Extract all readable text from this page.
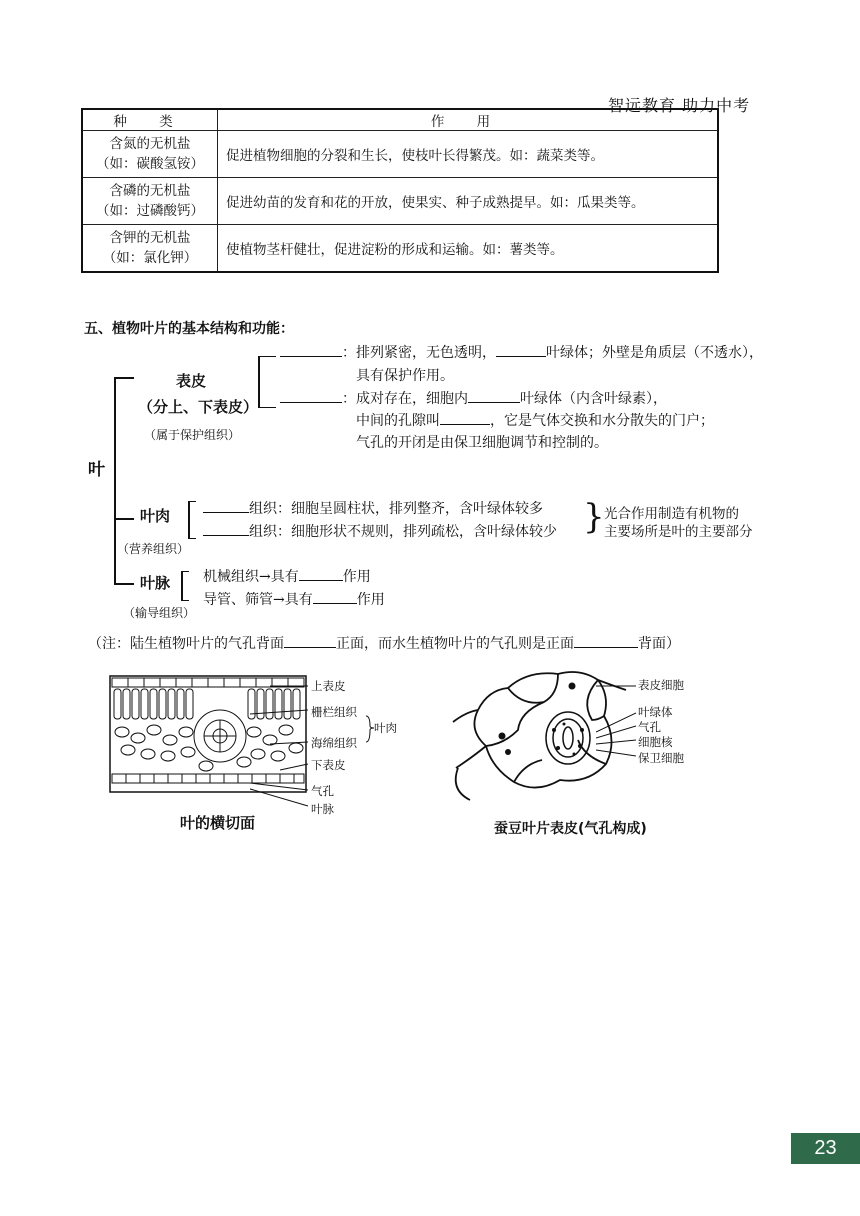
智远教育 助力中考
种 类	作 用

含氮的无机盐
（如：碳酸氢铵）	促进植物细胞的分裂和生长，使枝叶长得繁茂。如：蔬菜类等。

含磷的无机盐
（如：过磷酸钙）	促进幼苗的发育和花的开放，使果实、种子成熟提早。如：瓜果类等。

含钾的无机盐
（如：氯化钾）	使植物茎杆健壮，促进淀粉的形成和运输。如：薯类等。
五、植物叶片的基本结构和功能：
叶
表皮
（分上、下表皮）
（属于保护组织）
：排列紧密，无色透明，	叶绿体；外壁是角质层（不透水），
具有保护作用。
：成对存在，细胞内	叶绿体（内含叶绿素），
中间的孔隙叫	，它是气体交换和水分散失的门户；
气孔的开闭是由保卫细胞调节和控制的。
叶肉
（营养组织）
组织：细胞呈圆柱状，排列整齐，含叶绿体较多
组织：细胞形状不规则，排列疏松，含叶绿体较少 } 光合作用制造有机物的
主要场所是叶的主要部分
叶脉
（输导组织）
机械组织→具有	作用
导管、筛管→具有	作用
（注：陆生植物叶片的气孔背面	正面，而水生植物叶片的气孔则是正面	背面）
上表皮
栅栏组织
海绵组织
叶肉
下表皮
气孔
叶脉
叶的横切面
表皮细胞
叶绿体
气孔
细胞核
保卫细胞
蚕豆叶片表皮(气孔构成)
23
